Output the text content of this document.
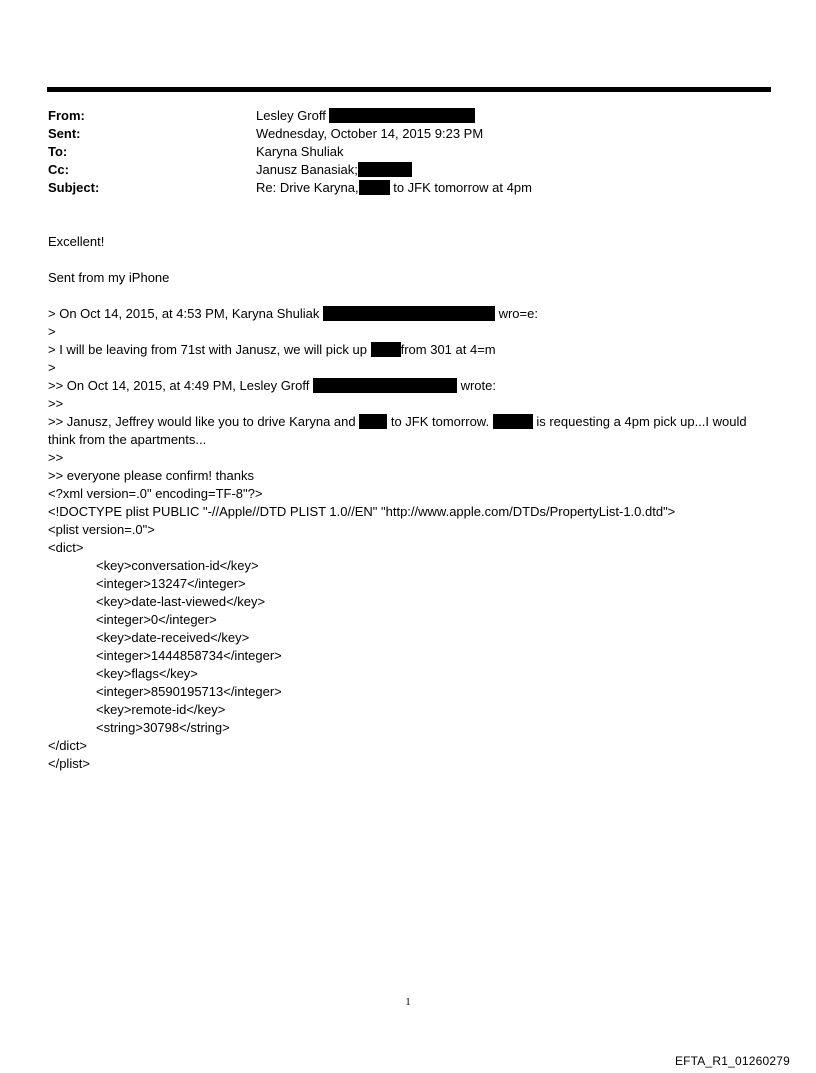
From:	Lesley Groff
Sent:	Wednesday, October 14, 2015 9:23 PM
To:	Karyna Shuliak
Cc:	Janusz Banasiak;
Subject:	Re: Drive Karyna, to JFK tomorrow at 4pm
Excellent!
Sent from my iPhone
> On Oct 14, 2015, at 4:53 PM, Karyna Shuliak	wro=e:
>
> I will be leaving from 71st with Janusz, we will pick up from 301 at 4=m
>
>> On Oct 14, 2015, at 4:49 PM, Lesley Groff	wrote:
>>
>> Janusz, Jeffrey would like you to drive Karyna and  to JFK tomorrow.	is requesting a 4pm pick up...I would think from the apartments...
>>
>> everyone please confirm! thanks
<?xml version=.0" encoding=TF-8"?>
<!DOCTYPE plist PUBLIC "-//Apple//DTD PLIST 1.0//EN" "http://www.apple.com/DTDs/PropertyList-1.0.dtd">
<plist version=.0">
<dict>
<key>conversation-id</key>
<integer>13247</integer>
<key>date-last-viewed</key>
<integer>0</integer>
<key>date-received</key>
<integer>1444858734</integer>
<key>flags</key>
<integer>8590195713</integer>
<key>remote-id</key>
<string>30798</string>
</dict>
</plist>
1
EFTA_R1_01260279
